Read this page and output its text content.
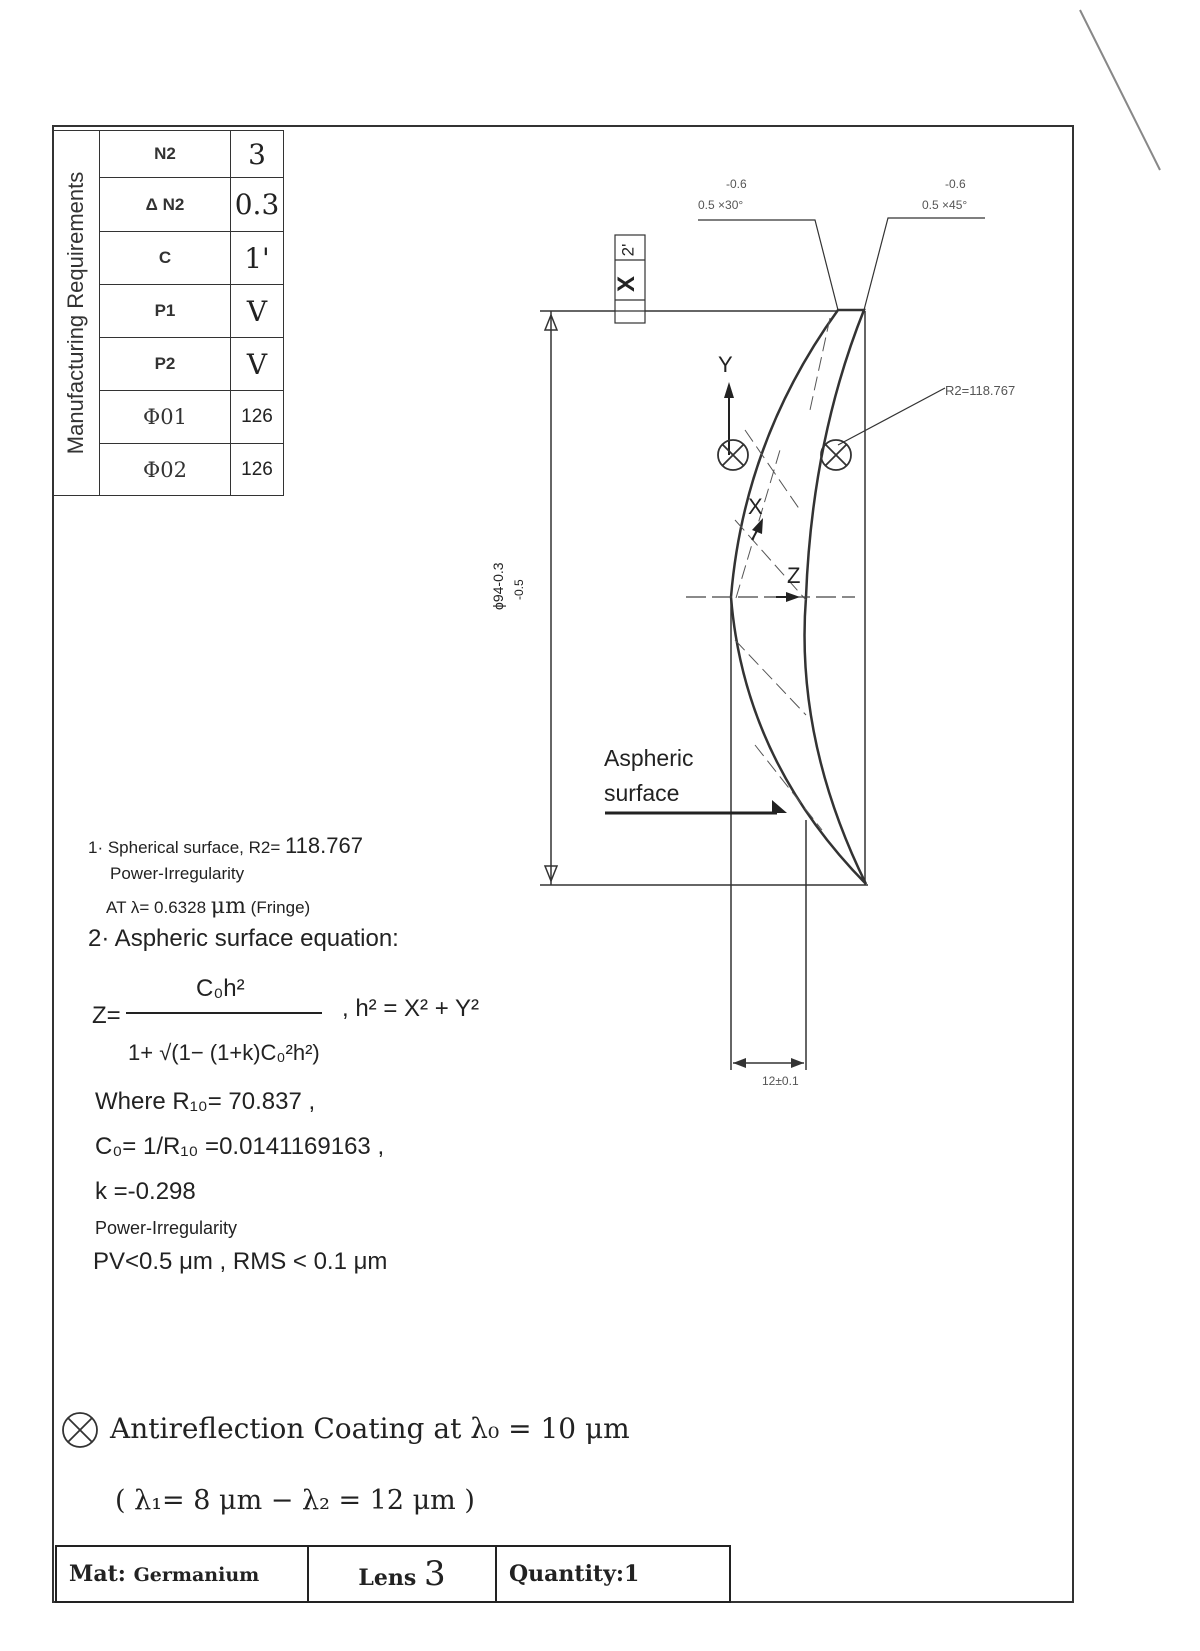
Manufacturing Requirements	N2	3
	Δ N2	0.3
	C	1'
	P1	V
	P2	V
	Φ01	126
	Φ02	126
-0.6
0.5 ×30°
-0.6
0.5 ×45°
X
2'
R2=118.767
ϕ94-0.3 -0.5
12±0.1
Y
X
Z
Aspheric
surface
1· Spherical surface, R2= 118.767
Power-Irregularity
AT λ= 0.6328 μm (Fringe)
2· Aspheric surface equation:
Z=
C₀h²
1+ √(1− (1+k)C₀²h²)
, h² = X² + Y²
Where R₁₀= 70.837 ,
C₀= 1/R₁₀ =0.0141169163 ,
k =-0.298
Power-Irregularity
PV<0.5 μm , RMS < 0.1 μm
Antireflection Coating at λ₀ = 10 μm
( λ₁= 8 μm − λ₂ = 12 μm )
Mat: Germanium	Lens 3	Quantity:1
